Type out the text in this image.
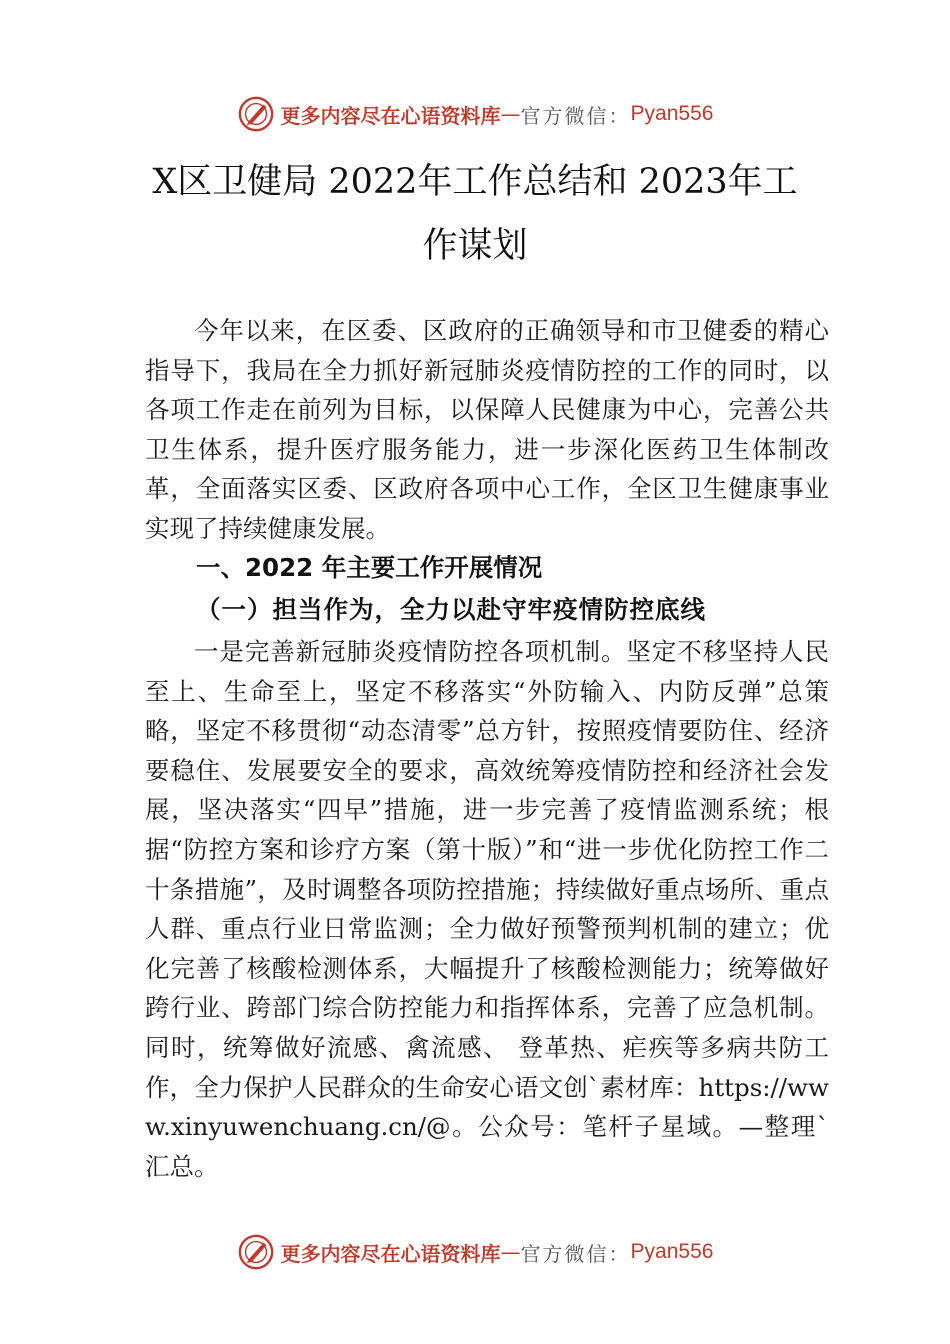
更多内容尽在心语资料库 — 官方微信： Pyan556
X区卫健局 2022年工作总结和 2023年工作谋划

今年以来，在区委、区政府的正确领导和市卫健委的精心指导下，我局在全力抓好新冠肺炎疫情防控的工作的同时，以各项工作走在前列为目标，以保障人民健康为中心，完善公共卫生体系，提升医疗服务能力，进一步深化医药卫生体制改革，全面落实区委、区政府各项中心工作，全区卫生健康事业实现了持续健康发展。

一、2022 年主要工作开展情况
（一）担当作为，全力以赴守牢疫情防控底线

一是完善新冠肺炎疫情防控各项机制。坚定不移坚持人民至上、生命至上，坚定不移落实“外防输入、内防反弹”总策略，坚定不移贯彻“动态清零”总方针，按照疫情要防住、经济要稳住、发展要安全的要求，高效统筹疫情防控和经济社会发展，坚决落实“四早”措施，进一步完善了疫情监测系统；根据“防控方案和诊疗方案（第十版）”和“进一步优化防控工作二十条措施”，及时调整各项防控措施；持续做好重点场所、重点人群、重点行业日常监测；全力做好预警预判机制的建立；优化完善了核酸检测体系，大幅提升了核酸检测能力；统筹做好跨行业、跨部门综合防控能力和指挥体系，完善了应急机制。同时，统筹做好流感、禽流感、 登革热、疟疾等多病共防工作，全力保护人民群众的生命安心语文创`素材库：https://www.xinyuwenchuang.cn/@。公众号：笔杆子星域。—整理`汇总。

更多内容尽在心语资料库 — 官方微信： Pyan556
